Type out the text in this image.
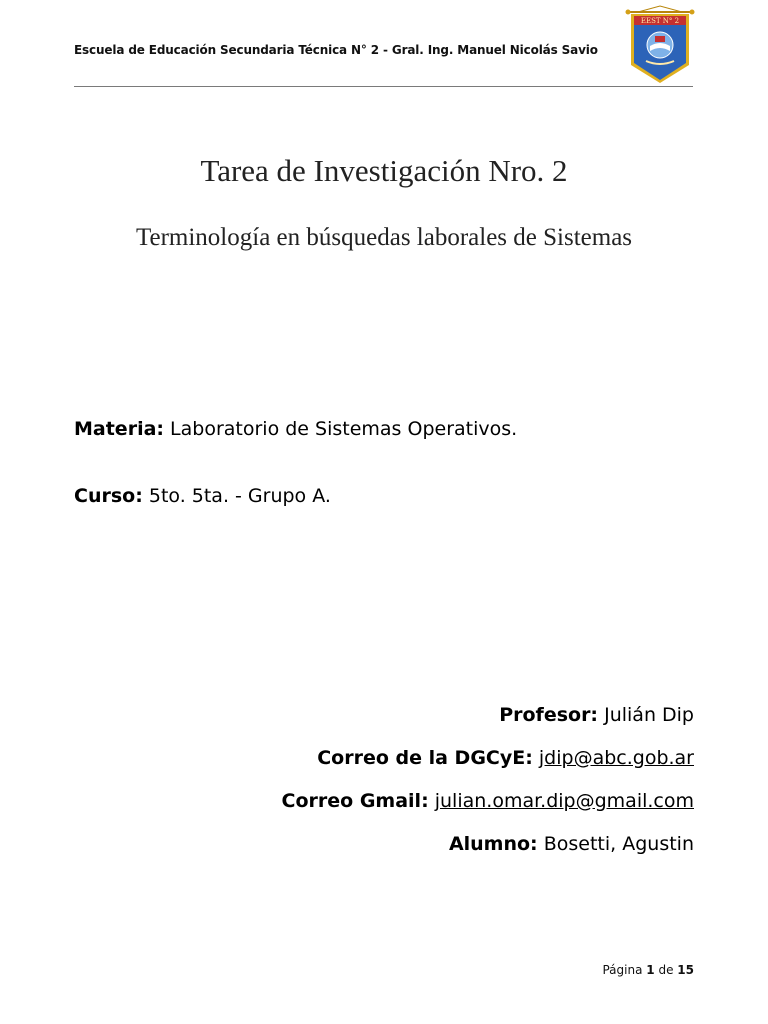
Escuela de Educación Secundaria Técnica N° 2 - Gral. Ing. Manuel Nicolás Savio
EEST N° 2
Tarea de Investigación Nro. 2
Terminología en búsquedas laborales de Sistemas
Materia: Laboratorio de Sistemas Operativos.
Curso: 5to. 5ta. - Grupo A.
Profesor: Julián Dip
Correo de la DGCyE: jdip@abc.gob.ar
Correo Gmail: julian.omar.dip@gmail.com
Alumno: Bosetti, Agustin
Página 1 de 15
